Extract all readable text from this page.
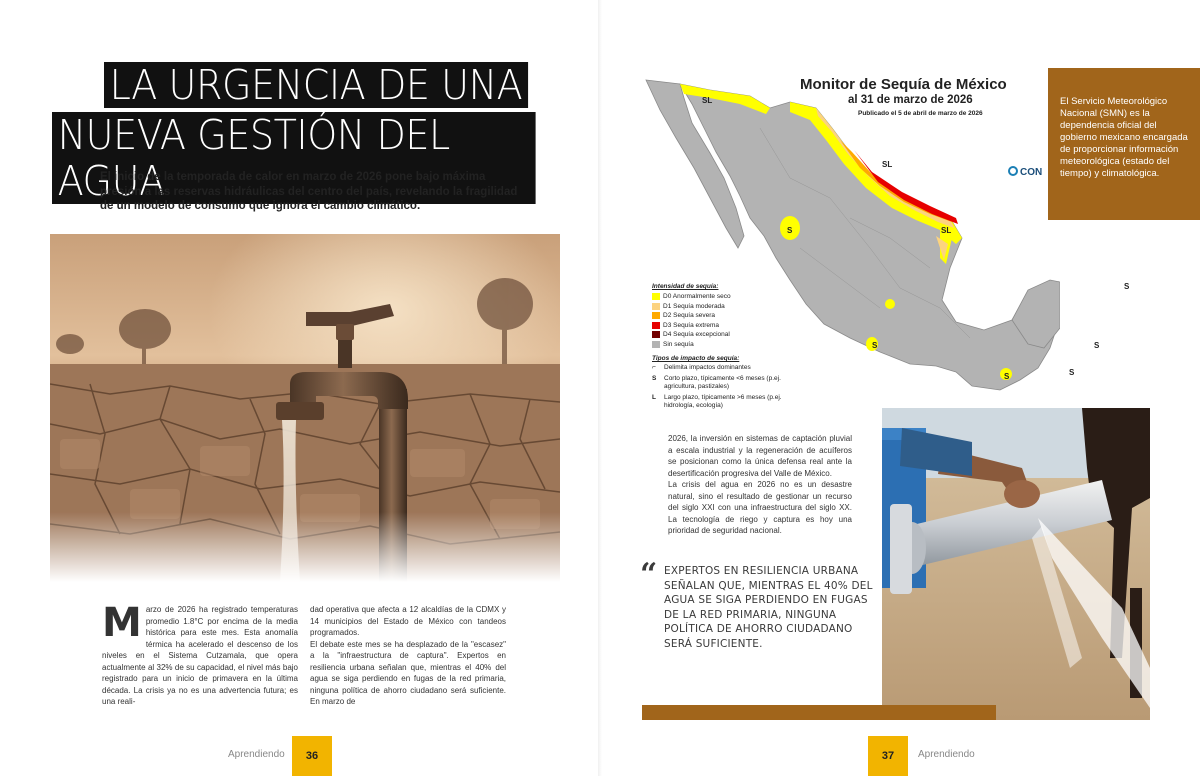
LA URGENCIA DE UNA
NUEVA GESTIÓN DEL AGUA

El inicio de la temporada de calor en marzo de 2026 pone bajo máxima presión a las reservas hidráulicas del centro del país, revelando la fragilidad de un modelo de consumo que ignora el cambio climático.

M arzo de 2026 ha registrado temperaturas promedio 1.8°C por encima de la media histórica para este mes. Esta anomalía térmica ha acelerado el descenso de los niveles en el Sistema Cutzamala, que opera actualmente al 32% de su capacidad, el nivel más bajo registrado para un inicio de primavera en la última década. La crisis ya no es una advertencia futura; es una reali-

dad operativa que afecta a 12 alcaldías de la CDMX y 14 municipios del Estado de México con tandeos programados.

El debate este mes se ha desplazado de la "escasez" a la "infraestructura de captura". Expertos en resiliencia urbana señalan que, mientras el 40% del agua se siga perdiendo en fugas de la red primaria, ninguna política de ahorro ciudadano será suficiente. En marzo de

Aprendiendo	36
Monitor de Sequía de México
al 31 de marzo de 2026
Publicado el 5 de abril de marzo de 2026
CON
SL
SL
SL
S
S
S	S
S
S
Intensidad de sequía:
D0 Anormalmente seco
D1 Sequía moderada
D2 Sequía severa
D3 Sequía extrema
D4 Sequía excepcional
Sin sequía
Tipos de impacto de sequía:
⌐	Delimita impactos dominantes
S	Corto plazo, típicamente <6 meses (p.ej. agricultura, pastizales)
L	Largo plazo, típicamente >6 meses (p.ej. hidrología, ecología)

El Servicio Meteorológico Nacional (SMN) es la dependencia oficial del gobierno mexicano encargada de proporcionar información meteorológica (estado del tiempo) y climatológica.

2026, la inversión en sistemas de captación pluvial a escala industrial y la regeneración de acuíferos se posicionan como la única defensa real ante la desertificación progresiva del Valle de México.

La crisis del agua en 2026 no es un desastre natural, sino el resultado de gestionar un recurso del siglo XXI con una infraestructura del siglo XX. La tecnología de riego y captura es hoy una prioridad de seguridad nacional.

“ EXPERTOS EN RESILIENCIA URBANA SEÑALAN QUE, MIENTRAS EL 40% DEL AGUA SE SIGA PERDIENDO EN FUGAS DE LA RED PRIMARIA, NINGUNA POLÍTICA DE AHORRO CIUDADANO SERÁ SUFICIENTE.

37	Aprendiendo
